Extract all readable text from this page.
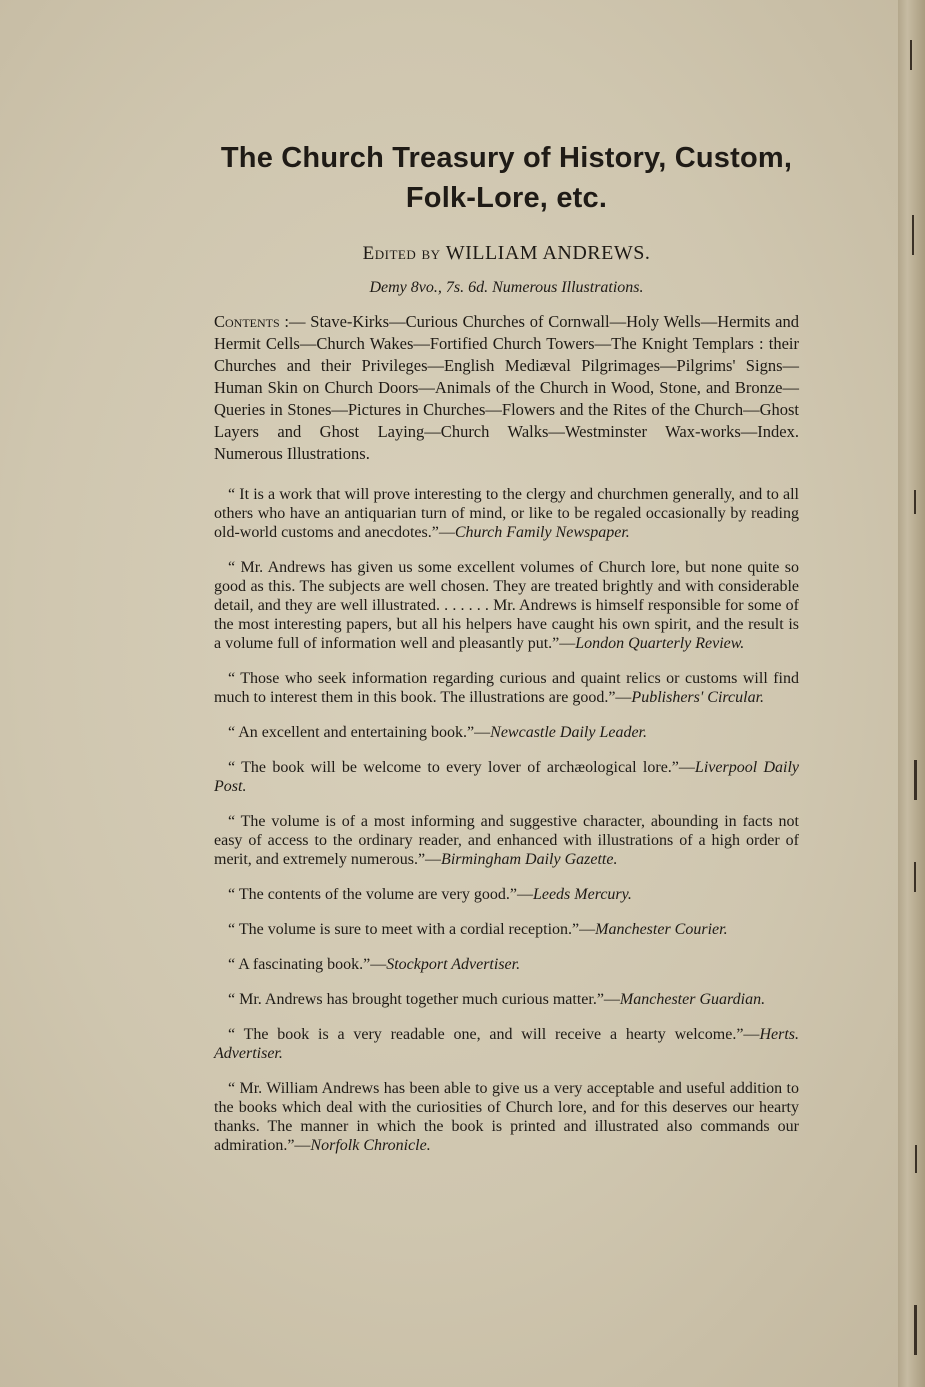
The Church Treasury of History, Custom,
Folk-Lore, etc.
Edited by WILLIAM ANDREWS.
Demy 8vo., 7s. 6d. Numerous Illustrations.

Contents :— Stave-Kirks—Curious Churches of Cornwall—Holy Wells—Hermits and Hermit Cells—Church Wakes—Fortified Church Towers—The Knight Templars : their Churches and their Privileges—English Mediæval Pilgrimages—Pilgrims' Signs—Human Skin on Church Doors—Animals of the Church in Wood, Stone, and Bronze—Queries in Stones—Pictures in Churches—Flowers and the Rites of the Church—Ghost Layers and Ghost Laying—Church Walks—Westminster Wax-works—Index. Numerous Illustrations.

“ It is a work that will prove interesting to the clergy and churchmen generally, and to all others who have an antiquarian turn of mind, or like to be regaled occasionally by reading old-world customs and anecdotes.”—Church Family Newspaper.

“ Mr. Andrews has given us some excellent volumes of Church lore, but none quite so good as this. The subjects are well chosen. They are treated brightly and with considerable detail, and they are well illustrated. . . . . . . Mr. Andrews is himself responsible for some of the most interesting papers, but all his helpers have caught his own spirit, and the result is a volume full of information well and pleasantly put.”—London Quarterly Review.

“ Those who seek information regarding curious and quaint relics or customs will find much to interest them in this book. The illustrations are good.”—Publishers' Circular.

“ An excellent and entertaining book.”—Newcastle Daily Leader.

“ The book will be welcome to every lover of archæological lore.”—Liverpool Daily Post.

“ The volume is of a most informing and suggestive character, abounding in facts not easy of access to the ordinary reader, and enhanced with illustrations of a high order of merit, and extremely numerous.”—Birmingham Daily Gazette.

“ The contents of the volume are very good.”—Leeds Mercury.

“ The volume is sure to meet with a cordial reception.”—Manchester Courier.

“ A fascinating book.”—Stockport Advertiser.

“ Mr. Andrews has brought together much curious matter.”—Manchester Guardian.

“ The book is a very readable one, and will receive a hearty welcome.”—Herts. Advertiser.

“ Mr. William Andrews has been able to give us a very acceptable and useful addition to the books which deal with the curiosities of Church lore, and for this deserves our hearty thanks. The manner in which the book is printed and illustrated also commands our admiration.”—Norfolk Chronicle.
